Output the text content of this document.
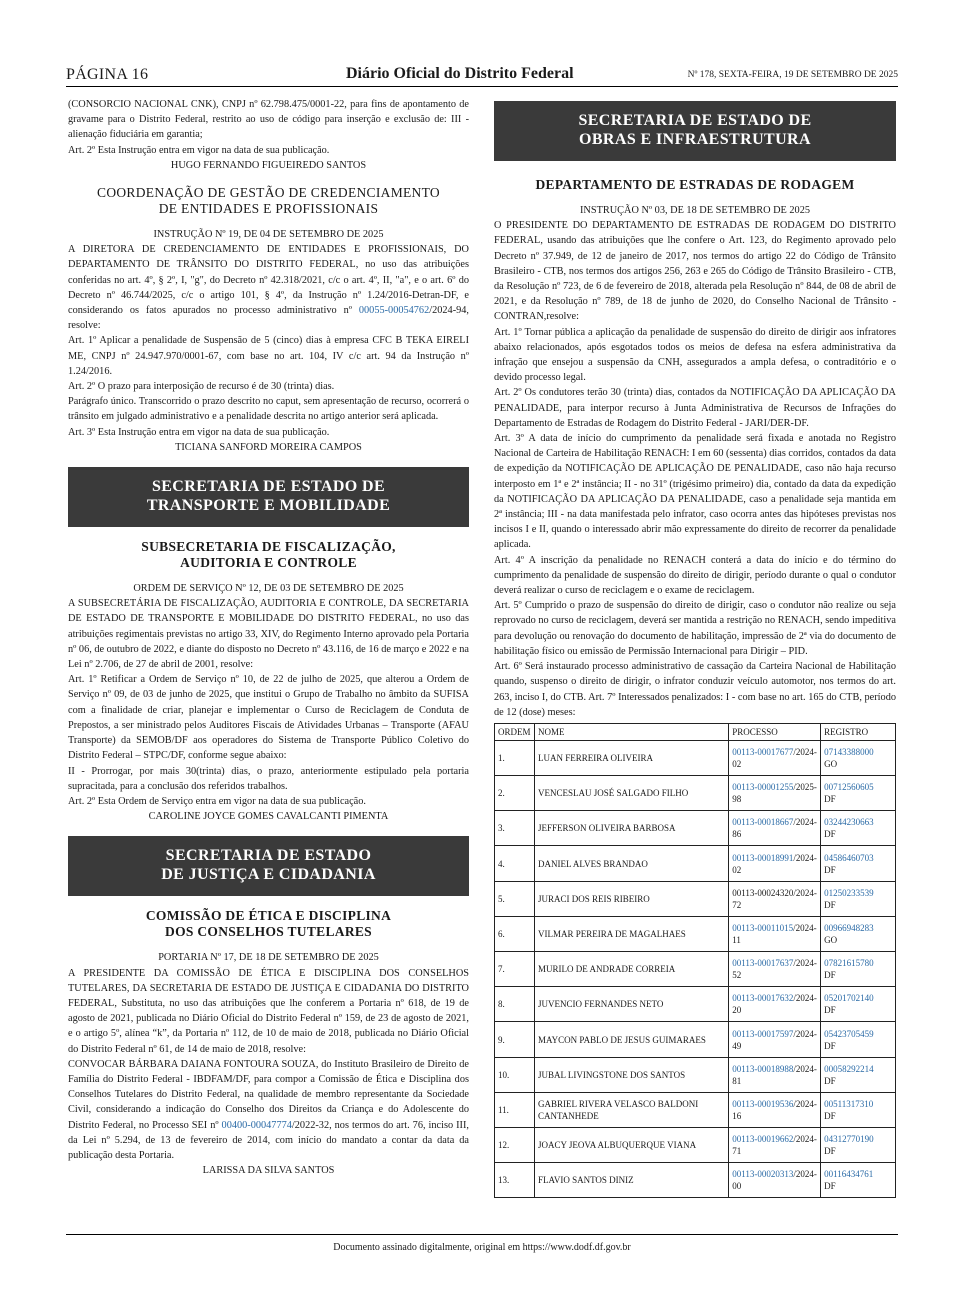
PÁGINA 16	Diário Oficial do Distrito Federal	Nº 178, SEXTA-FEIRA, 19 DE SETEMBRO DE 2025

(CONSORCIO NACIONAL CNK), CNPJ nº 62.798.475/0001-22, para fins de apontamento de gravame para o Distrito Federal, restrito ao uso de código para inserção e exclusão de: III - alienação fiduciária em garantia;

Art. 2º Esta Instrução entra em vigor na data de sua publicação.

HUGO FERNANDO FIGUEIREDO SANTOS

COORDENAÇÃO DE GESTÃO DE CREDENCIAMENTO
DE ENTIDADES E PROFISSIONAIS

INSTRUÇÃO Nº 19, DE 04 DE SETEMBRO DE 2025

A DIRETORA DE CREDENCIAMENTO DE ENTIDADES E PROFISSIONAIS, DO DEPARTAMENTO DE TRÂNSITO DO DISTRITO FEDERAL, no uso das atribuições conferidas no art. 4º, § 2º, I, "g", do Decreto nº 42.318/2021, c/c o art. 4º, II, "a", e o art. 6º do Decreto nº 46.744/2025, c/c o artigo 101, § 4º, da Instrução nº 1.24/2016-Detran-DF, e considerando os fatos apurados no processo administrativo nº 00055-00054762/2024-94, resolve:

Art. 1º Aplicar a penalidade de Suspensão de 5 (cinco) dias à empresa CFC B TEKA EIRELI ME, CNPJ nº 24.947.970/0001-67, com base no art. 104, IV c/c art. 94 da Instrução nº 1.24/2016.

Art. 2º O prazo para interposição de recurso é de 30 (trinta) dias.

Parágrafo único. Transcorrido o prazo descrito no caput, sem apresentação de recurso, ocorrerá o trânsito em julgado administrativo e a penalidade descrita no artigo anterior será aplicada.

Art. 3º Esta Instrução entra em vigor na data de sua publicação.

TICIANA SANFORD MOREIRA CAMPOS

SECRETARIA DE ESTADO DE
TRANSPORTE E MOBILIDADE
SUBSECRETARIA DE FISCALIZAÇÃO,
AUDITORIA E CONTROLE

ORDEM DE SERVIÇO Nº 12, DE 03 DE SETEMBRO DE 2025

A SUBSECRETÁRIA DE FISCALIZAÇÃO, AUDITORIA E CONTROLE, DA SECRETARIA DE ESTADO DE TRANSPORTE E MOBILIDADE DO DISTRITO FEDERAL, no uso das atribuições regimentais previstas no artigo 33, XIV, do Regimento Interno aprovado pela Portaria nº 06, de outubro de 2022, e diante do disposto no Decreto nº 43.116, de 16 de março e 2022 e na Lei nº 2.706, de 27 de abril de 2001, resolve:

Art. 1º Retificar a Ordem de Serviço nº 10, de 22 de julho de 2025, que alterou a Ordem de Serviço nº 09, de 03 de junho de 2025, que institui o Grupo de Trabalho no âmbito da SUFISA com a finalidade de criar, planejar e implementar o Curso de Reciclagem de Conduta de Prepostos, a ser ministrado pelos Auditores Fiscais de Atividades Urbanas – Transporte (AFAU Transporte) da SEMOB/DF aos operadores do Sistema de Transporte Público Coletivo do Distrito Federal – STPC/DF, conforme segue abaixo:

II - Prorrogar, por mais 30(trinta) dias, o prazo, anteriormente estipulado pela portaria supracitada, para a conclusão dos referidos trabalhos.

Art. 2º Esta Ordem de Serviço entra em vigor na data de sua publicação.

CAROLINE JOYCE GOMES CAVALCANTI PIMENTA

SECRETARIA DE ESTADO
DE JUSTIÇA E CIDADANIA
COMISSÃO DE ÉTICA E DISCIPLINA
DOS CONSELHOS TUTELARES

PORTARIA Nº 17, DE 18 DE SETEMBRO DE 2025

A PRESIDENTE DA COMISSÃO DE ÉTICA E DISCIPLINA DOS CONSELHOS TUTELARES, DA SECRETARIA DE ESTADO DE JUSTIÇA E CIDADANIA DO DISTRITO FEDERAL, Substituta, no uso das atribuições que lhe conferem a Portaria nº 618, de 19 de agosto de 2021, publicada no Diário Oficial do Distrito Federal nº 159, de 23 de agosto de 2021, e o artigo 5º, alínea “k”, da Portaria nº 112, de 10 de maio de 2018, publicada no Diário Oficial do Distrito Federal nº 61, de 14 de maio de 2018, resolve:

CONVOCAR BÁRBARA DAIANA FONTOURA SOUZA, do Instituto Brasileiro de Direito de Família do Distrito Federal - IBDFAM/DF, para compor a Comissão de Ética e Disciplina dos Conselhos Tutelares do Distrito Federal, na qualidade de membro representante da Sociedade Civil, considerando a indicação do Conselho dos Direitos da Criança e do Adolescente do Distrito Federal, no Processo SEI nº 00400-00047774/2022-32, nos termos do art. 76, inciso III, da Lei nº 5.294, de 13 de fevereiro de 2014, com início do mandato a contar da data da publicação desta Portaria.

LARISSA DA SILVA SANTOS

SECRETARIA DE ESTADO DE
OBRAS E INFRAESTRUTURA
DEPARTAMENTO DE ESTRADAS DE RODAGEM

INSTRUÇÃO Nº 03, DE 18 DE SETEMBRO DE 2025

O PRESIDENTE DO DEPARTAMENTO DE ESTRADAS DE RODAGEM DO DISTRITO FEDERAL, usando das atribuições que lhe confere o Art. 123, do Regimento aprovado pelo Decreto nº 37.949, de 12 de janeiro de 2017, nos termos do artigo 22 do Código de Trânsito Brasileiro - CTB, nos termos dos artigos 256, 263 e 265 do Código de Trânsito Brasileiro - CTB, da Resolução nº 723, de 6 de fevereiro de 2018, alterada pela Resolução nº 844, de 08 de abril de 2021, e da Resolução nº 789, de 18 de junho de 2020, do Conselho Nacional de Trânsito - CONTRAN,resolve:

Art. 1º Tornar pública a aplicação da penalidade de suspensão do direito de dirigir aos infratores abaixo relacionados, após esgotados todos os meios de defesa na esfera administrativa da infração que ensejou a suspensão da CNH, assegurados a ampla defesa, o contraditório e o devido processo legal.

Art. 2º Os condutores terão 30 (trinta) dias, contados da NOTIFICAÇÃO DA APLICAÇÃO DA PENALIDADE, para interpor recurso à Junta Administrativa de Recursos de Infrações do Departamento de Estradas de Rodagem do Distrito Federal - JARI/DER-DF.

Art. 3º A data de início do cumprimento da penalidade será fixada e anotada no Registro Nacional de Carteira de Habilitação RENACH: I em 60 (sessenta) dias corridos, contados da data de expedição da NOTIFICAÇÃO DE APLICAÇÃO DE PENALIDADE, caso não haja recurso interposto em 1ª e 2ª instância; II - no 31º (trigésimo primeiro) dia, contado da data da expedição da NOTIFICAÇÃO DA APLICAÇÃO DA PENALIDADE, caso a penalidade seja mantida em 2ª instância; III - na data manifestada pelo infrator, caso ocorra antes das hipóteses previstas nos incisos I e II, quando o interessado abrir mão expressamente do direito de recorrer da penalidade aplicada.

Art. 4º A inscrição da penalidade no RENACH conterá a data do início e do término do cumprimento da penalidade de suspensão do direito de dirigir, período durante o qual o condutor deverá realizar o curso de reciclagem e o exame de reciclagem.

Art. 5º Cumprido o prazo de suspensão do direito de dirigir, caso o condutor não realize ou seja reprovado no curso de reciclagem, deverá ser mantida a restrição no RENACH, sendo impeditiva para devolução ou renovação do documento de habilitação, impressão de 2ª via do documento de habilitação físico ou emissão de Permissão Internacional para Dirigir – PID.

Art. 6º Será instaurado processo administrativo de cassação da Carteira Nacional de Habilitação quando, suspenso o direito de dirigir, o infrator conduzir veículo automotor, nos termos do art. 263, inciso I, do CTB. Art. 7º Interessados penalizados: I - com base no art. 165 do CTB, período de 12 (dose) meses:

ORDEM	NOME	PROCESSO	REGISTRO
1.	LUAN FERREIRA OLIVEIRA	00113-00017677/2024-02	07143388000
GO
2.	VENCESLAU JOSÉ SALGADO FILHO	00113-00001255/2025-98	00712560605
DF
3.	JEFFERSON OLIVEIRA BARBOSA	00113-00018667/2024-86	03244230663
DF
4.	DANIEL ALVES BRANDAO	00113-00018991/2024-02	04586460703
DF
5.	JURACI DOS REIS RIBEIRO	00113-00024320/2024-72	01250233539
DF
6.	VILMAR PEREIRA DE MAGALHAES	00113-00011015/2024-11	00966948283
GO
7.	MURILO DE ANDRADE CORREIA	00113-00017637/2024-52	07821615780
DF
8.	JUVENCIO FERNANDES NETO	00113-00017632/2024-20	05201702140
DF
9.	MAYCON PABLO DE JESUS GUIMARAES	00113-00017597/2024-49	05423705459
DF
10.	JUBAL LIVINGSTONE DOS SANTOS	00113-00018988/2024-81	00058292214
DF
11.	GABRIEL RIVERA VELASCO BALDONI CANTANHEDE	00113-00019536/2024-16	00511317310
DF
12.	JOACY JEOVA ALBUQUERQUE VIANA	00113-00019662/2024-71	04312770190
DF
13.	FLAVIO SANTOS DINIZ	00113-00020313/2024-00	00116434761
DF
Documento assinado digitalmente, original em https://www.dodf.df.gov.br
